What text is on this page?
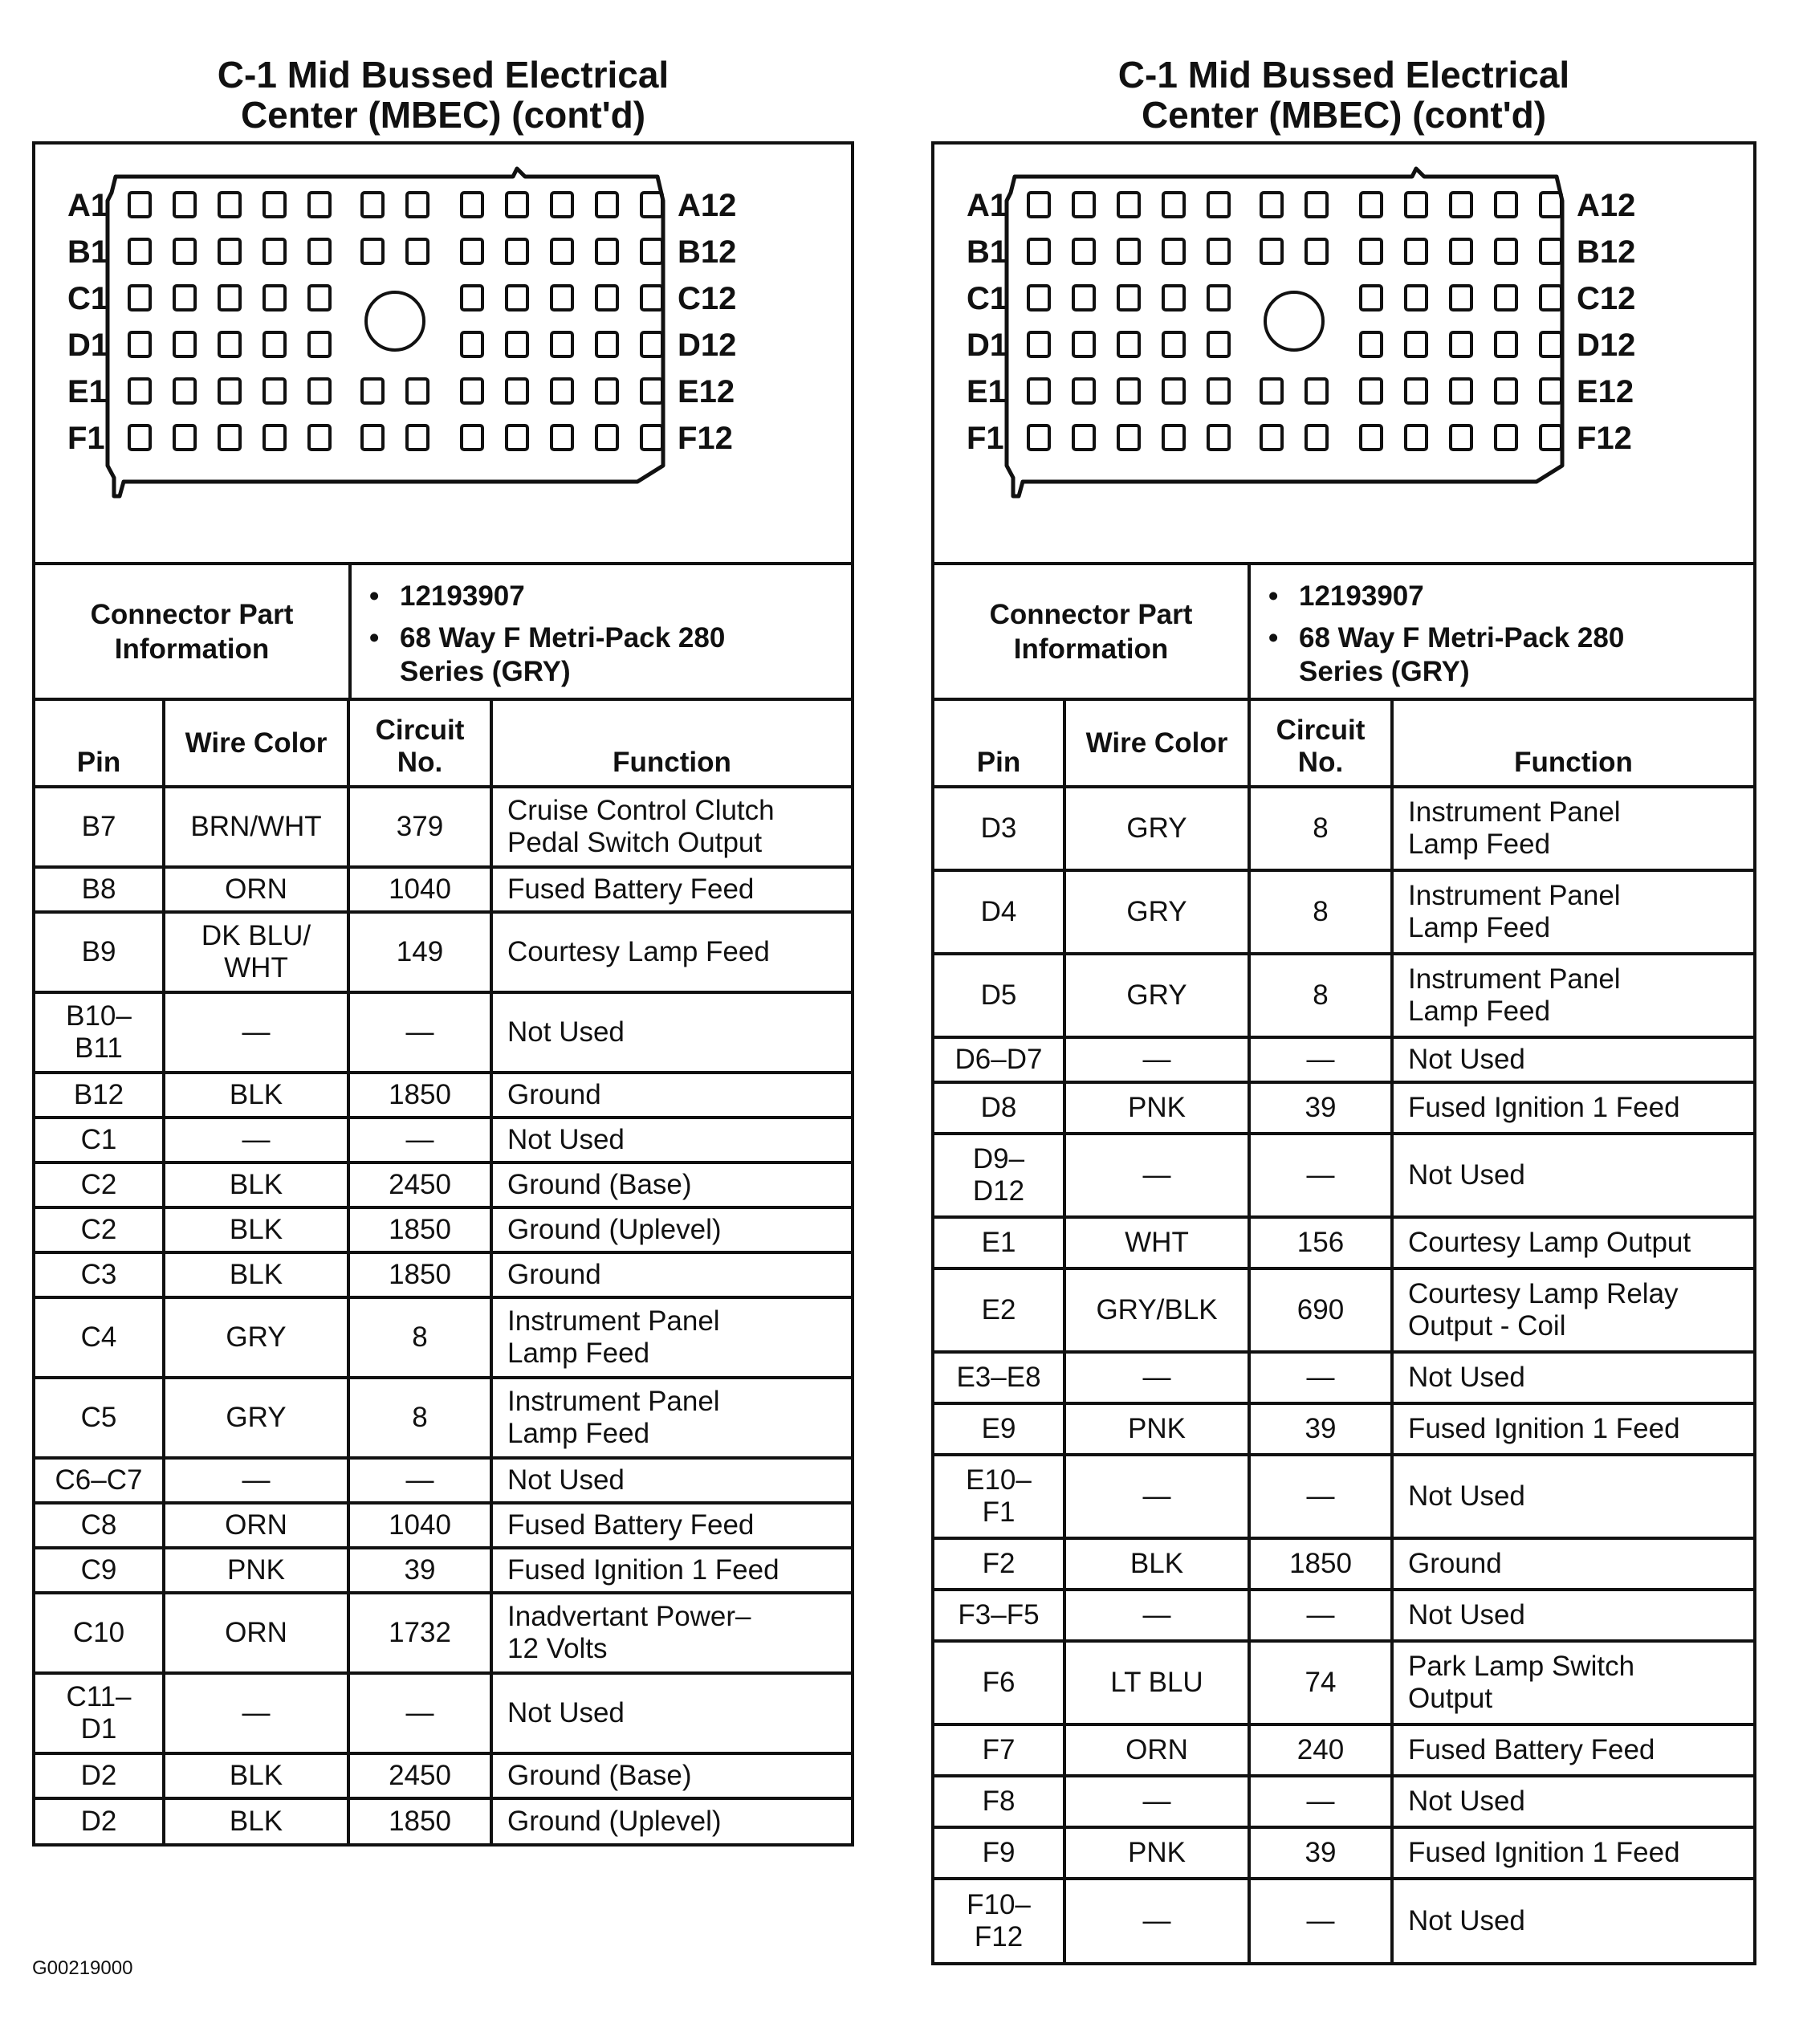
C-1 Mid Bussed Electrical
Center (MBEC) (cont'd)
A1	A12
B1	B12
C1	C12
D1	D12
E1	E12
F1	F12
Connector Part
Information
• 12193907
• 68 Way F Metri-Pack 280
Series (GRY)
Pin	Wire Color	Circuit
No.	Function
B7	BRN/WHT	379	Cruise Control Clutch
Pedal Switch Output
B8	ORN	1040	Fused Battery Feed
B9	DK BLU/
WHT	149	Courtesy Lamp Feed
B10–
B11	—	—	Not Used
B12	BLK	1850	Ground
C1	—	—	Not Used
C2	BLK	2450	Ground (Base)
C2	BLK	1850	Ground (Uplevel)
C3	BLK	1850	Ground
C4	GRY	8	Instrument Panel
Lamp Feed
C5	GRY	8	Instrument Panel
Lamp Feed
C6–C7	—	—	Not Used
C8	ORN	1040	Fused Battery Feed
C9	PNK	39	Fused Ignition 1 Feed
C10	ORN	1732	Inadvertant Power–
12 Volts
C11–
D1	—	—	Not Used
D2	BLK	2450	Ground (Base)
D2	BLK	1850	Ground (Uplevel)
C-1 Mid Bussed Electrical
Center (MBEC) (cont'd)
A1	A12
B1	B12
C1	C12
D1	D12
E1	E12
F1	F12
Connector Part
Information
• 12193907
• 68 Way F Metri-Pack 280
Series (GRY)
Pin	Wire Color	Circuit
No.	Function
D3	GRY	8	Instrument Panel
Lamp Feed
D4	GRY	8	Instrument Panel
Lamp Feed
D5	GRY	8	Instrument Panel
Lamp Feed
D6–D7	—	—	Not Used
D8	PNK	39	Fused Ignition 1 Feed
D9–
D12	—	—	Not Used
E1	WHT	156	Courtesy Lamp Output
E2	GRY/BLK	690	Courtesy Lamp Relay
Output - Coil
E3–E8	—	—	Not Used
E9	PNK	39	Fused Ignition 1 Feed
E10–
F1	—	—	Not Used
F2	BLK	1850	Ground
F3–F5	—	—	Not Used
F6	LT BLU	74	Park Lamp Switch
Output
F7	ORN	240	Fused Battery Feed
F8	—	—	Not Used
F9	PNK	39	Fused Ignition 1 Feed
F10–
F12	—	—	Not Used
G00219000
